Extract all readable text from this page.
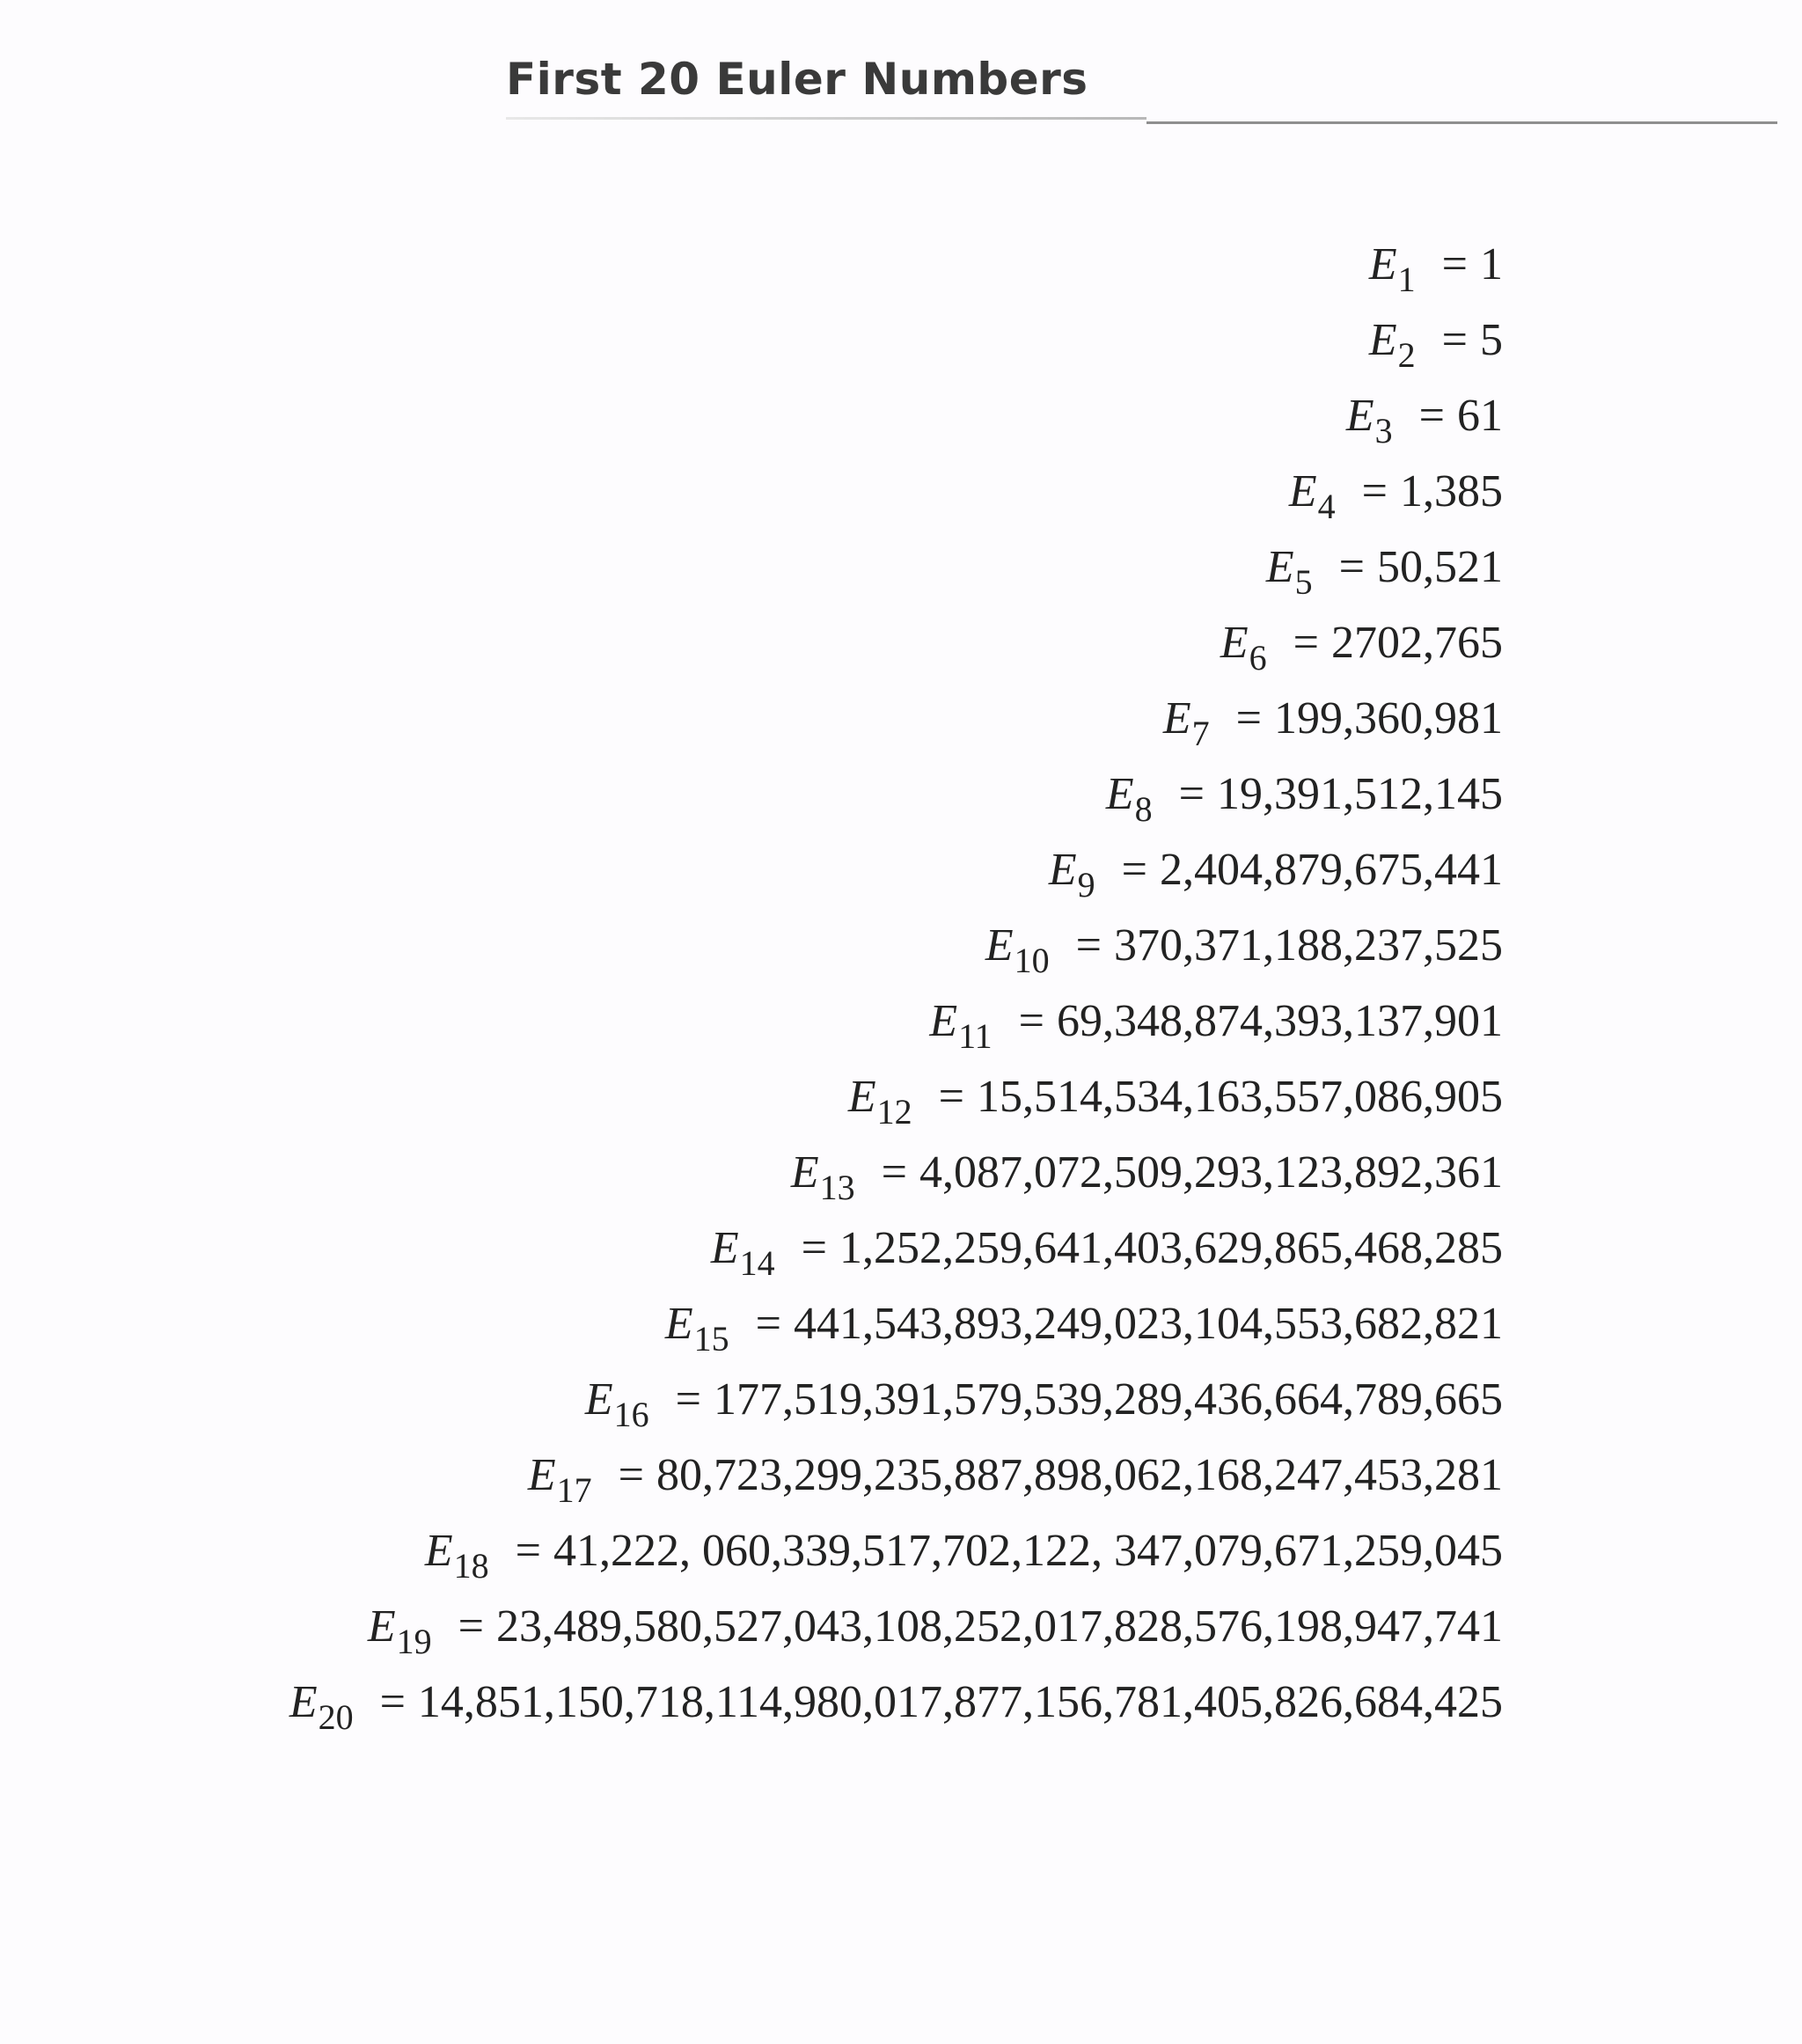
First 20 Euler Numbers
$E_1 = 1$
$E_2 = 5$
$E_3 = 61$
$E_4 = 1,385$
$E_5 = 50,521$
$E_6 = 2702,765$
$E_7 = 199,360,981$
$E_8 = 19,391,512,145$
$E_9 = 2,404,879,675,441$
$E_{10} = 370,371,188,237,525$
$E_{11} = 69,348,874,393,137,901$
$E_{12} = 15,514,534,163,557,086,905$
$E_{13} = 4,087,072,509,293,123,892,361$
$E_{14} = 1,252,259,641,403,629,865,468,285$
$E_{15} = 441,543,893,249,023,104,553,682,821$
$E_{16} = 177,519,391,579,539,289,436,664,789,665$
$E_{17} = 80,723,299,235,887,898,062,168,247,453,281$
$E_{18} = 41,222$, 060,339,517,702,122, 347,079,671,259,045
$E_{19} = 23,489,580,527,043,108,252,017,828,576,198,947,741$
$E_{20} = 14,851,150,718,114,980,017,877,156,781,405,826,684,425$
